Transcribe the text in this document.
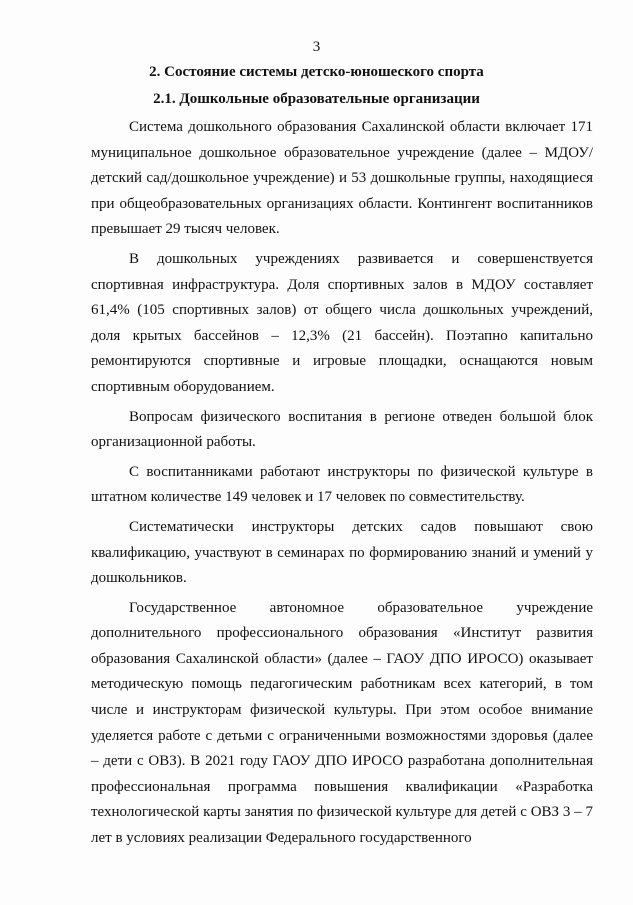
3
2. Состояние системы детско-юношеского спорта
2.1. Дошкольные образовательные организации

Система дошкольного образования Сахалинской области включает 171 муниципальное дошкольное образовательное учреждение (далее – МДОУ/детский сад/дошкольное учреждение) и 53 дошкольные группы, находящиеся при общеобразовательных организациях области. Контингент воспитанников превышает 29 тысяч человек.

В дошкольных учреждениях развивается и совершенствуется спортивная инфраструктура. Доля спортивных залов в МДОУ составляет 61,4% (105 спортивных залов) от общего числа дошкольных учреждений, доля крытых бассейнов – 12,3% (21 бассейн). Поэтапно капитально ремонтируются спортивные и игровые площадки, оснащаются новым спортивным оборудованием.

Вопросам физического воспитания в регионе отведен большой блок организационной работы.

С воспитанниками работают инструкторы по физической культуре в штатном количестве 149 человек и 17 человек по совместительству.

Систематически инструкторы детских садов повышают свою квалификацию, участвуют в семинарах по формированию знаний и умений у дошкольников.

Государственное автономное образовательное учреждение дополнительного профессионального образования «Институт развития образования Сахалинской области» (далее – ГАОУ ДПО ИРОСО) оказывает методическую помощь педагогическим работникам всех категорий, в том числе и инструкторам физической культуры. При этом особое внимание уделяется работе с детьми с ограниченными возможностями здоровья (далее – дети с ОВЗ). В 2021 году ГАОУ ДПО ИРОСО разработана дополнительная профессиональная программа повышения квалификации «Разработка технологической карты занятия по физической культуре для детей с ОВЗ 3 – 7 лет в условиях реализации Федерального государственного
